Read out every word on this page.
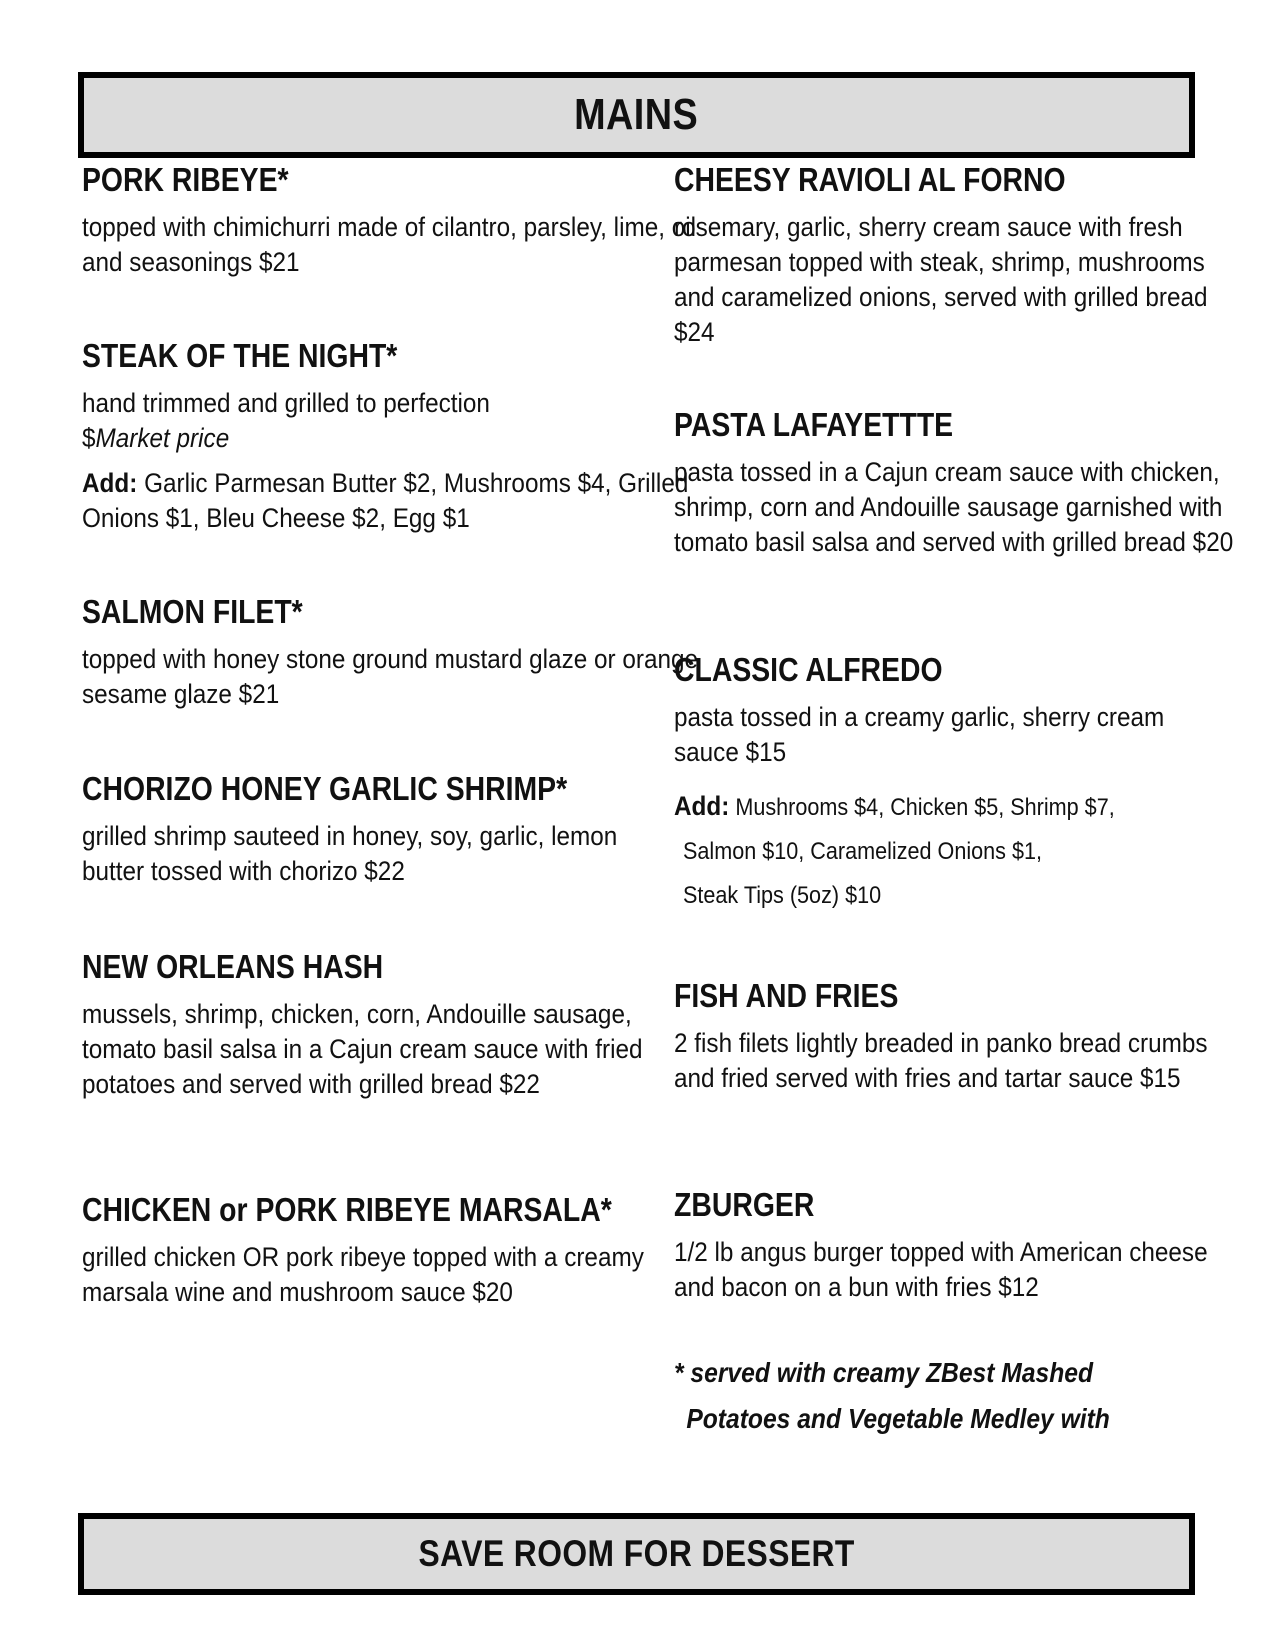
MAINS
PORK RIBEYE*

topped with chimichurri made of cilantro, parsley, lime, oil and seasonings $21

STEAK OF THE NIGHT*

hand trimmed and grilled to perfection
$Market price

Add: Garlic Parmesan Butter $2, Mushrooms $4, Grilled Onions $1, Bleu Cheese $2, Egg $1
SALMON FILET*

topped with honey stone ground mustard glaze or orange sesame glaze $21

CHORIZO HONEY GARLIC SHRIMP*

grilled shrimp sauteed in honey, soy, garlic, lemon butter tossed with chorizo $22

NEW ORLEANS HASH

mussels, shrimp, chicken, corn, Andouille sausage, tomato basil salsa in a Cajun cream sauce with fried potatoes and served with grilled bread $22

CHICKEN or PORK RIBEYE MARSALA*

grilled chicken OR pork ribeye topped with a creamy marsala wine and mushroom sauce $20

CHEESY RAVIOLI AL FORNO

rosemary, garlic, sherry cream sauce with fresh parmesan topped with steak, shrimp, mushrooms and caramelized onions, served with grilled bread $24

PASTA LAFAYETTTE

pasta tossed in a Cajun cream sauce with chicken, shrimp, corn and Andouille sausage garnished with tomato basil salsa and served with grilled bread $20

CLASSIC ALFREDO

pasta tossed in a creamy garlic, sherry cream sauce $15

Add: Mushrooms $4, Chicken $5, Shrimp $7,
Salmon $10, Caramelized Onions $1,
Steak Tips (5oz) $10
FISH AND FRIES

2 fish filets lightly breaded in panko bread crumbs and fried served with fries and tartar sauce $15

ZBURGER

1/2 lb angus burger topped with American cheese and bacon on a bun with fries $12

* served with creamy ZBest Mashed
Potatoes and Vegetable Medley with
SAVE ROOM FOR DESSERT
